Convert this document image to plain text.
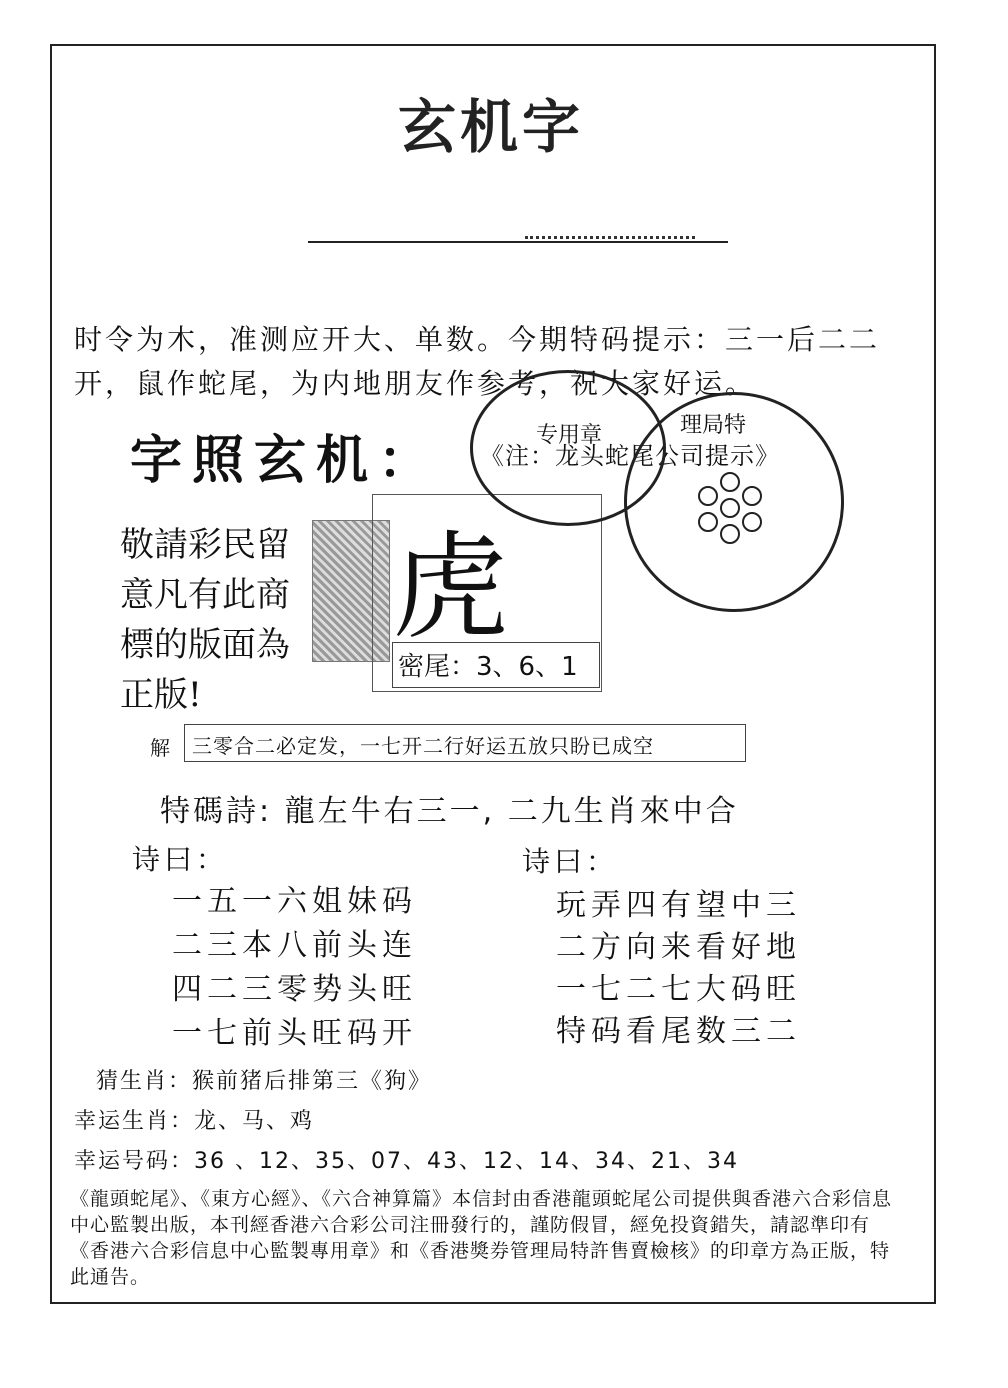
玄机字
时令为木，准测应开大、单数。今期特码提示：三一后二二开，鼠作蛇尾，为内地朋友作参考，祝大家好运。
字照玄机： 《注：龙头蛇尾公司提示》
敬請彩民留意凡有此商標的版面為正版!
虎
密尾：3、6、1
解 三零合二必定发，一七开二行好运五放只盼已成空
特碼詩: 龍左牛右三一, 二九生肖來中合
诗曰：
一五一六姐妹码
二三本八前头连
四二三零势头旺
一七前头旺码开
诗曰：
玩弄四有望中三
二方向来看好地
一七二七大码旺
特码看尾数三二
猜生肖：猴前猪后排第三《狗》
幸运生肖：龙、马、鸡
幸运号码：36 、12、35、07、43、12、14、34、21、34
《龍頭蛇尾》、《東方心經》、《六合神算篇》本信封由香港龍頭蛇尾公司提供與香港六合彩信息中心監製出版，本刊經香港六合彩公司注冊發行的，謹防假冒，經免投資錯失，請認準印有《香港六合彩信息中心監製專用章》和《香港獎券管理局特許售賣檢核》的印章方為正版，特此通告。
专用章	理局特
